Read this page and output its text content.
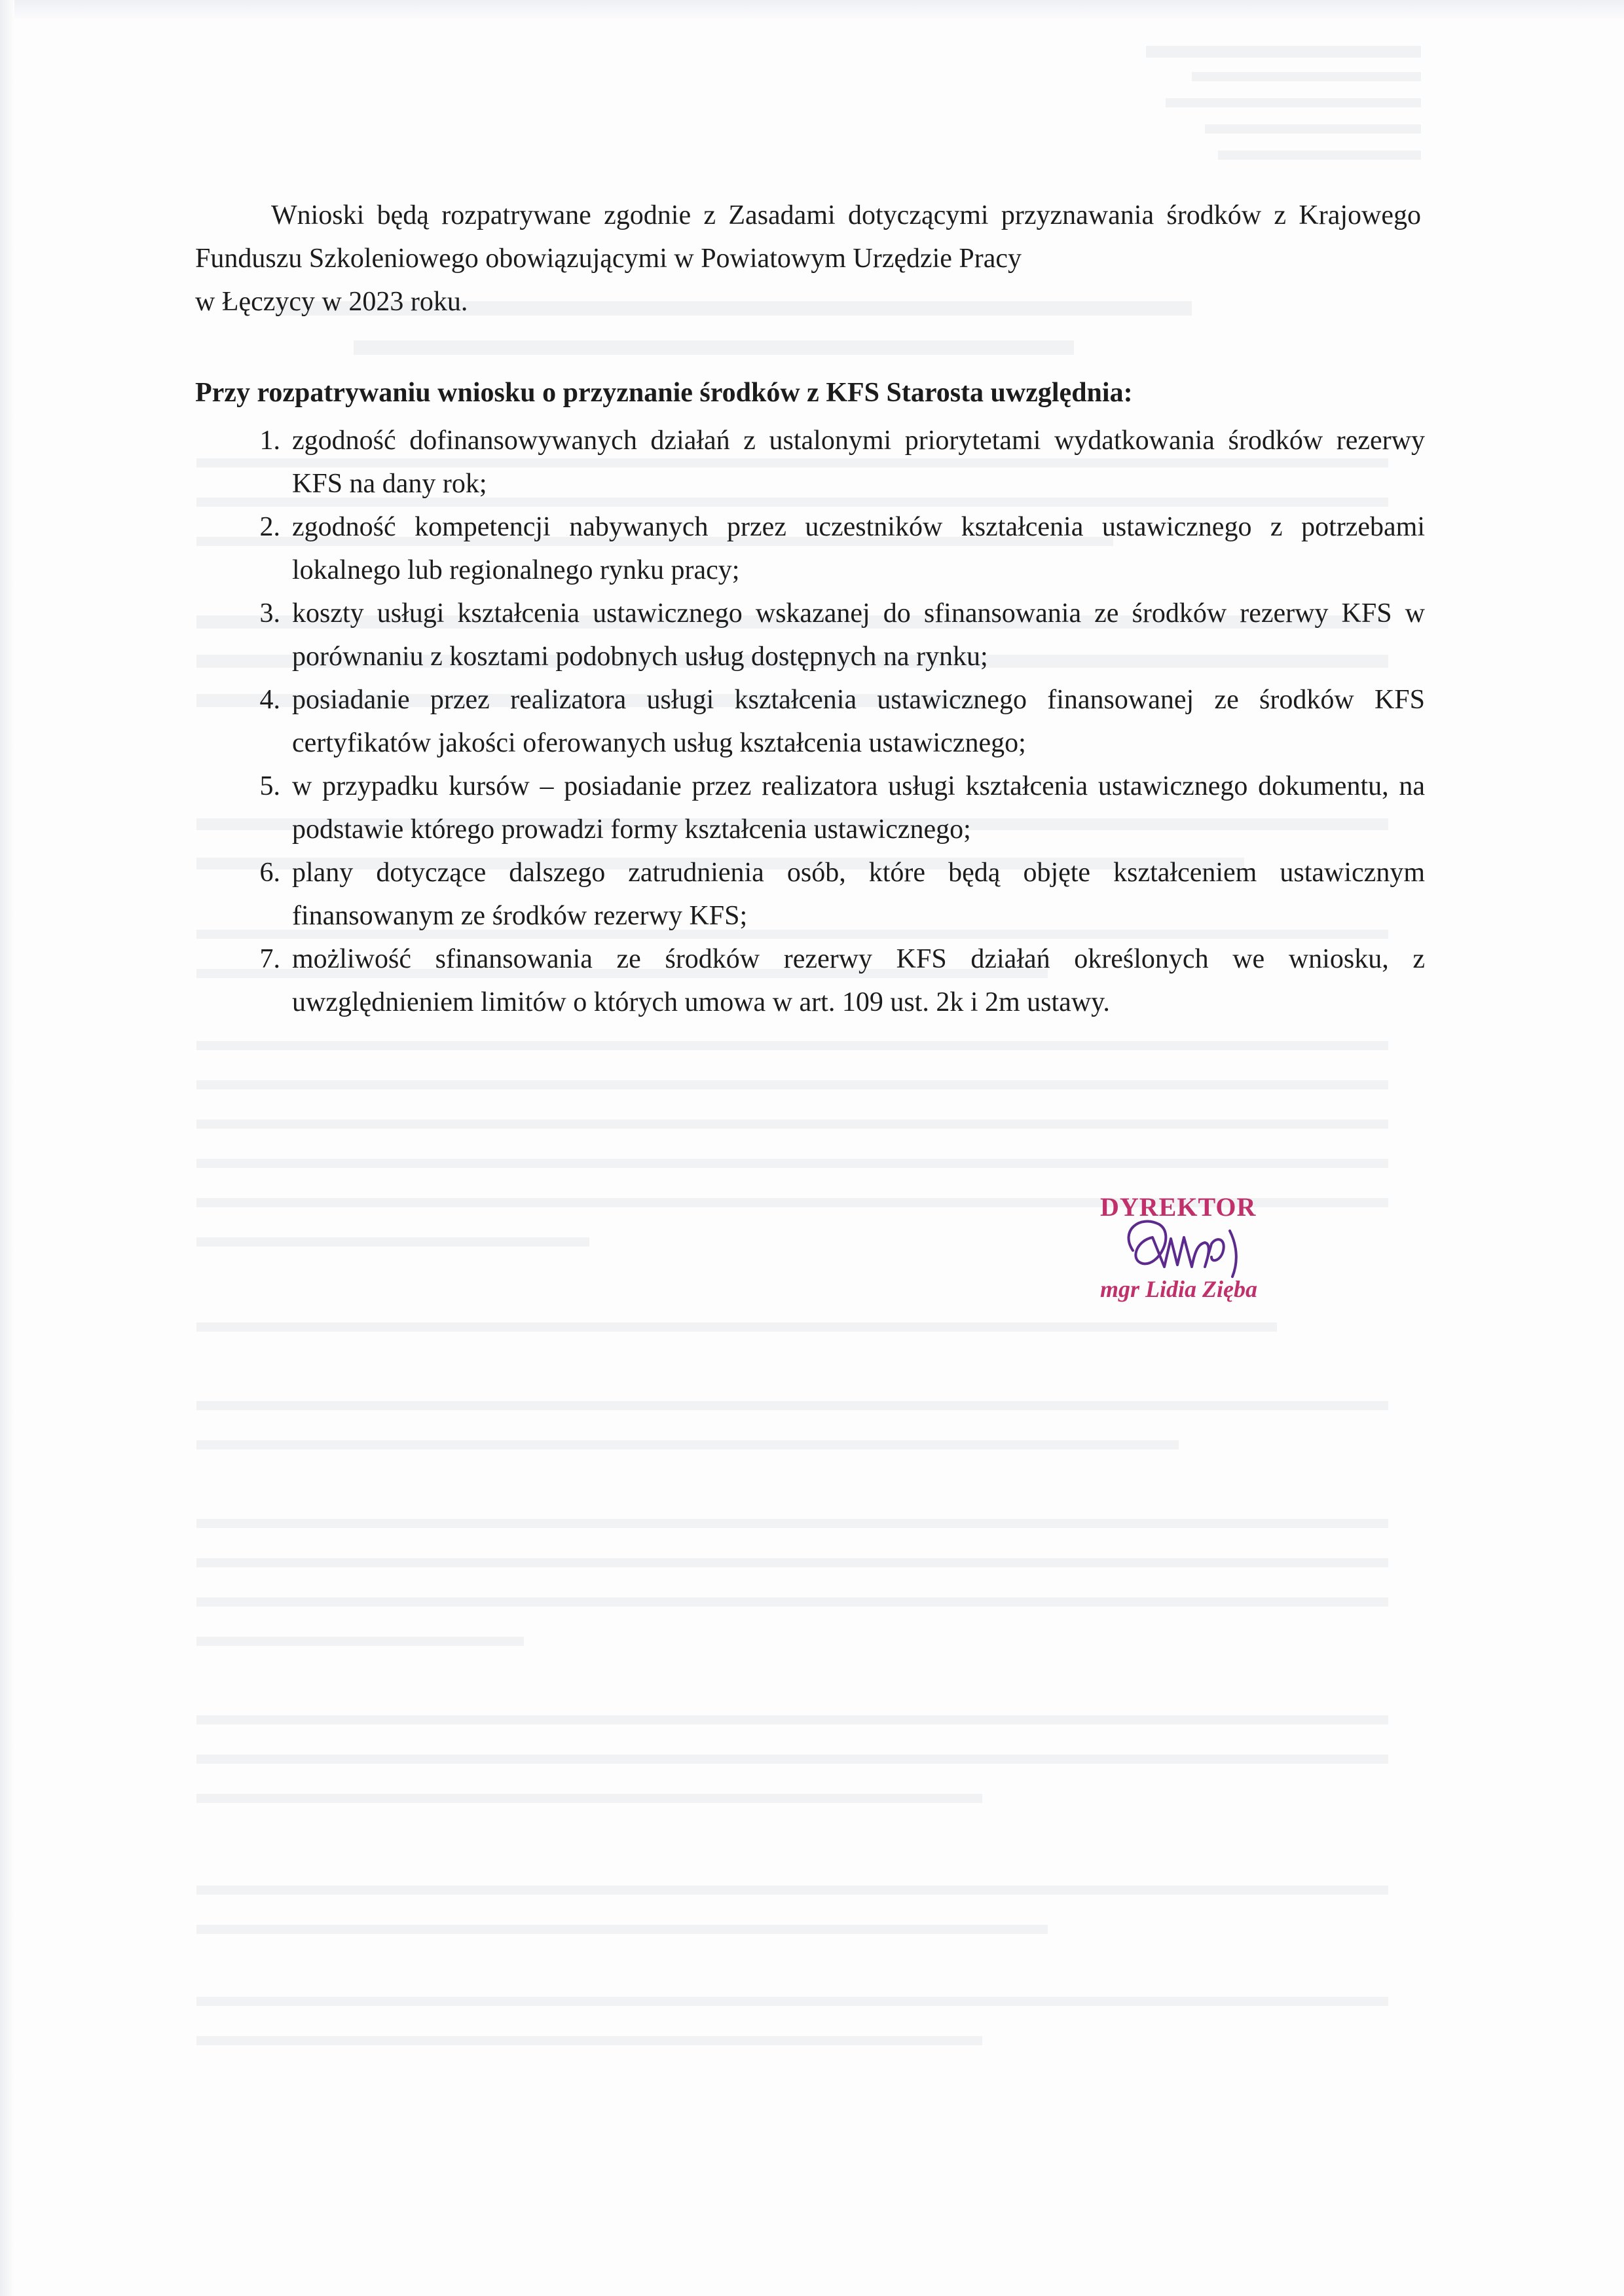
Wnioski będą rozpatrywane zgodnie z Zasadami dotyczącymi przyznawania środków z Krajowego Funduszu Szkoleniowego obowiązującymi w Powiatowym Urzędzie Pracy
w Łęczycy w 2023 roku.

Przy rozpatrywaniu wniosku o przyznanie środków z KFS Starosta uwzględnia:

1. zgodność dofinansowywanych działań z ustalonymi priorytetami wydatkowania środków rezerwy KFS na dany rok;
2. zgodność kompetencji nabywanych przez uczestników kształcenia ustawicznego z potrzebami lokalnego lub regionalnego rynku pracy;
3. koszty usługi kształcenia ustawicznego wskazanej do sfinansowania ze środków rezerwy KFS w porównaniu z kosztami podobnych usług dostępnych na rynku;
4. posiadanie przez realizatora usługi kształcenia ustawicznego finansowanej ze środków KFS certyfikatów jakości oferowanych usług kształcenia ustawicznego;
5. w przypadku kursów – posiadanie przez realizatora usługi kształcenia ustawicznego dokumentu, na podstawie którego prowadzi formy kształcenia ustawicznego;
6. plany dotyczące dalszego zatrudnienia osób, które będą objęte kształceniem ustawicznym finansowanym ze środków rezerwy KFS;
7. możliwość sfinansowania ze środków rezerwy KFS działań określonych we wniosku, z uwzględnieniem limitów o których umowa w art. 109 ust. 2k i 2m ustawy.
DYREKTOR
mgr Lidia Zięba
